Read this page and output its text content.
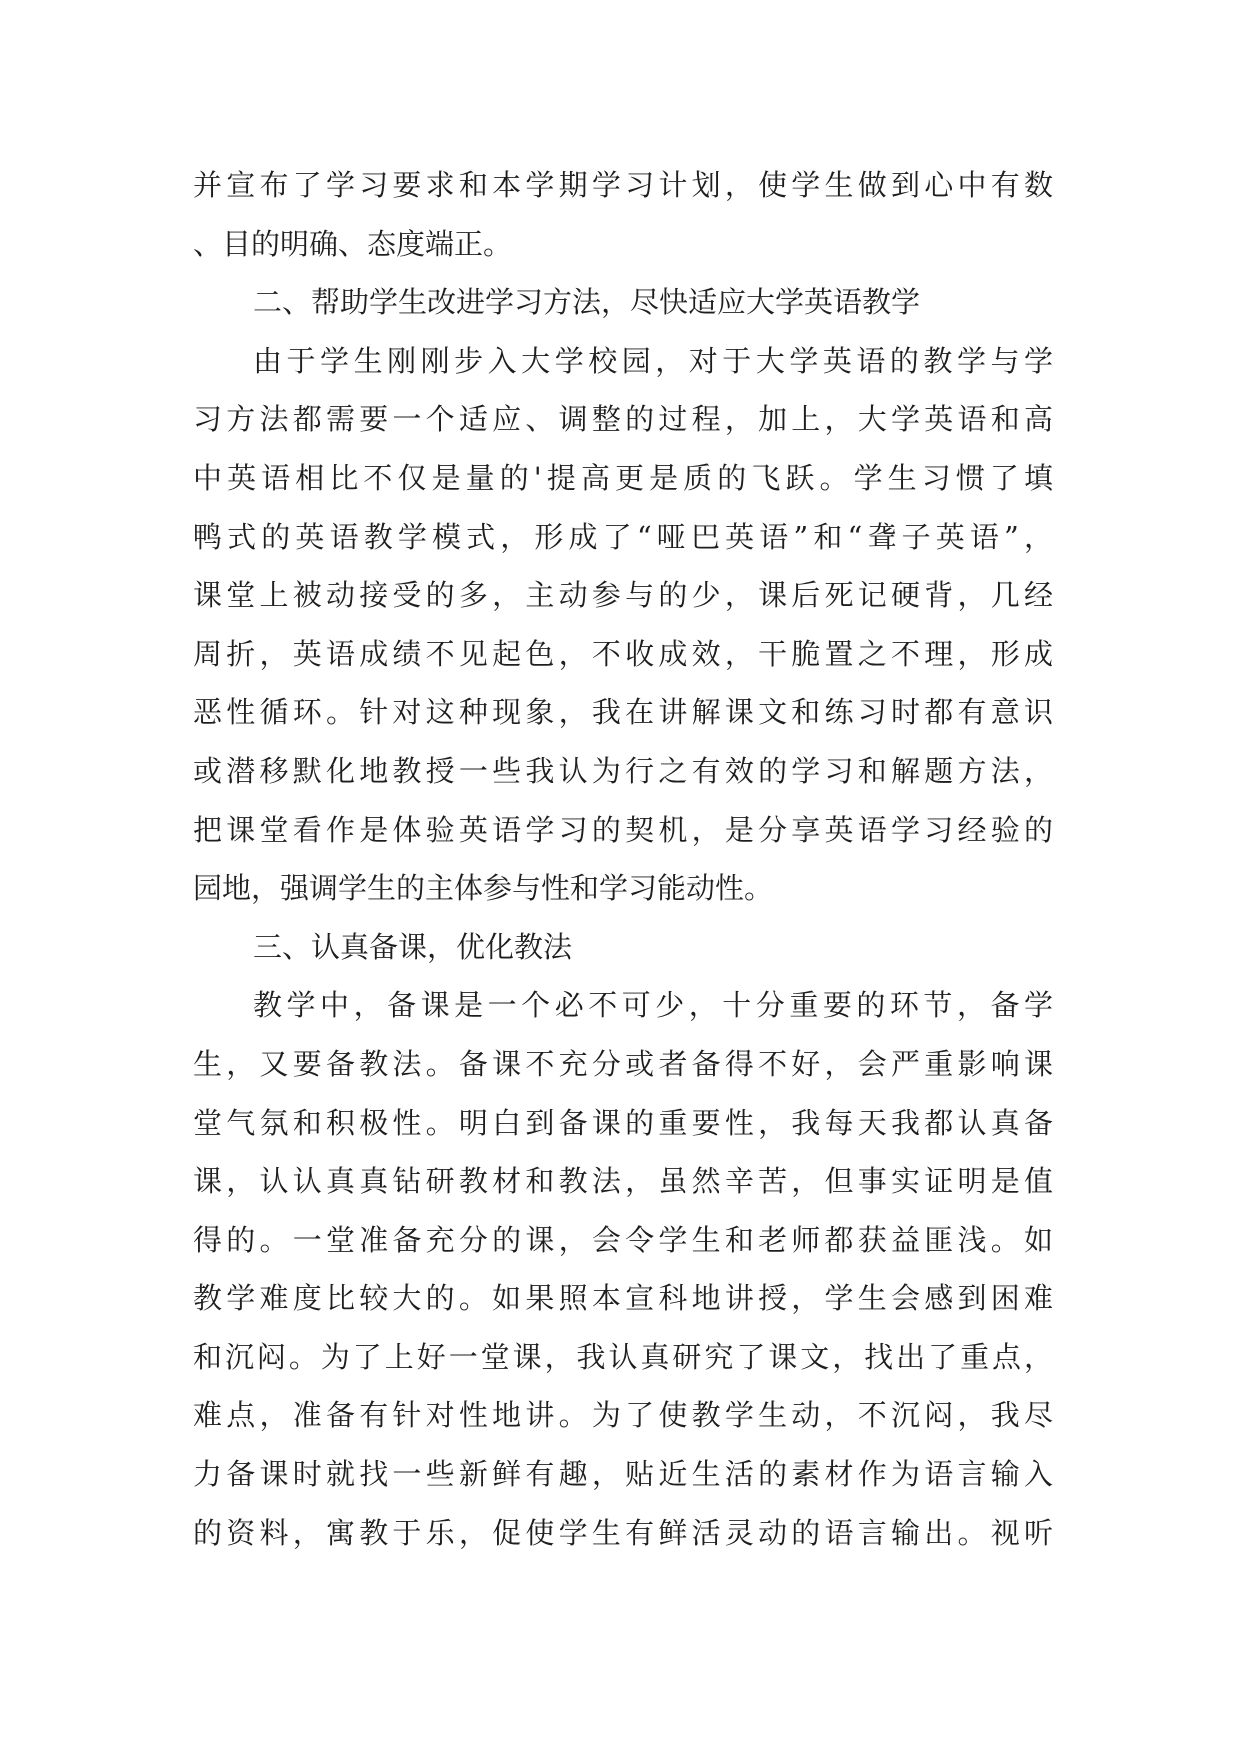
并宣布了学习要求和本学期学习计划，使学生做到心中有数
、目的明确、态度端正。
二、帮助学生改进学习方法，尽快适应大学英语教学
由于学生刚刚步入大学校园，对于大学英语的教学与学
习方法都需要一个适应、调整的过程，加上，大学英语和高
中英语相比不仅是量的'提高更是质的飞跃。学生习惯了填
鸭式的英语教学模式，形成了“哑巴英语”和“聋子英语”，
课堂上被动接受的多，主动参与的少，课后死记硬背，几经
周折，英语成绩不见起色，不收成效，干脆置之不理，形成
恶性循环。针对这种现象，我在讲解课文和练习时都有意识
或潜移默化地教授一些我认为行之有效的学习和解题方法，
把课堂看作是体验英语学习的契机，是分享英语学习经验的
园地，强调学生的主体参与性和学习能动性。
三、认真备课，优化教法
教学中，备课是一个必不可少，十分重要的环节，备学
生，又要备教法。备课不充分或者备得不好，会严重影响课
堂气氛和积极性。明白到备课的重要性，我每天我都认真备
课，认认真真钻研教材和教法，虽然辛苦，但事实证明是值
得的。一堂准备充分的课，会令学生和老师都获益匪浅。如
教学难度比较大的。如果照本宣科地讲授，学生会感到困难
和沉闷。为了上好一堂课，我认真研究了课文，找出了重点，
难点，准备有针对性地讲。为了使教学生动，不沉闷，我尽
力备课时就找一些新鲜有趣，贴近生活的素材作为语言输入
的资料，寓教于乐，促使学生有鲜活灵动的语言输出。视听
